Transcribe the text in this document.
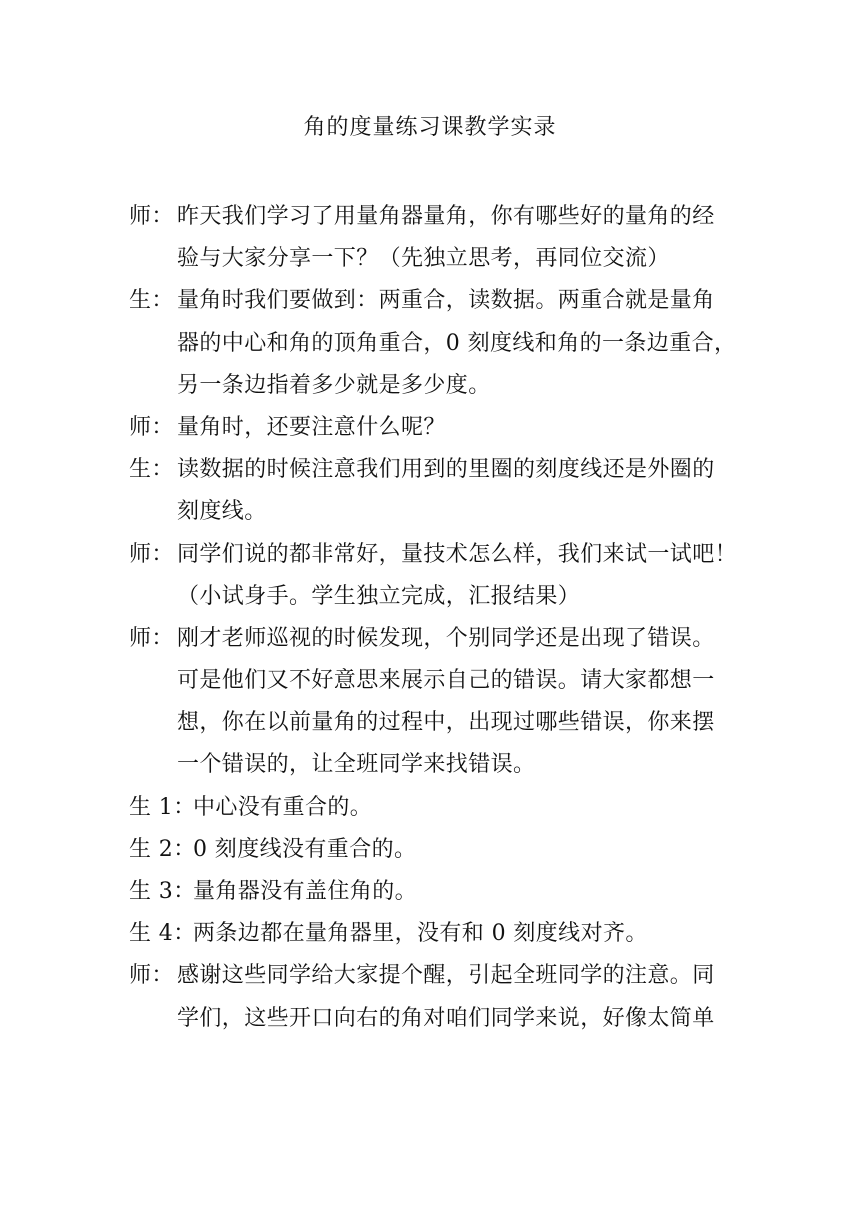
角的度量练习课教学实录
师： 昨天我们学习了用量角器量角，你有哪些好的量角的经
验与大家分享一下？（先独立思考，再同位交流）
生： 量角时我们要做到：两重合，读数据。两重合就是量角
器的中心和角的顶角重合，0 刻度线和角的一条边重合，
另一条边指着多少就是多少度。
师： 量角时，还要注意什么呢？
生： 读数据的时候注意我们用到的里圈的刻度线还是外圈的
刻度线。
师： 同学们说的都非常好，量技术怎么样，我们来试一试吧！
（小试身手。学生独立完成，汇报结果）
师： 刚才老师巡视的时候发现，个别同学还是出现了错误。
可是他们又不好意思来展示自己的错误。请大家都想一
想，你在以前量角的过程中，出现过哪些错误，你来摆
一个错误的，让全班同学来找错误。
生 1：
中心没有重合的。
生 2：
0 刻度线没有重合的。
生 3：
量角器没有盖住角的。
生 4：
两条边都在量角器里，没有和 0 刻度线对齐。
师： 感谢这些同学给大家提个醒，引起全班同学的注意。同
学们，这些开口向右的角对咱们同学来说，好像太简单
